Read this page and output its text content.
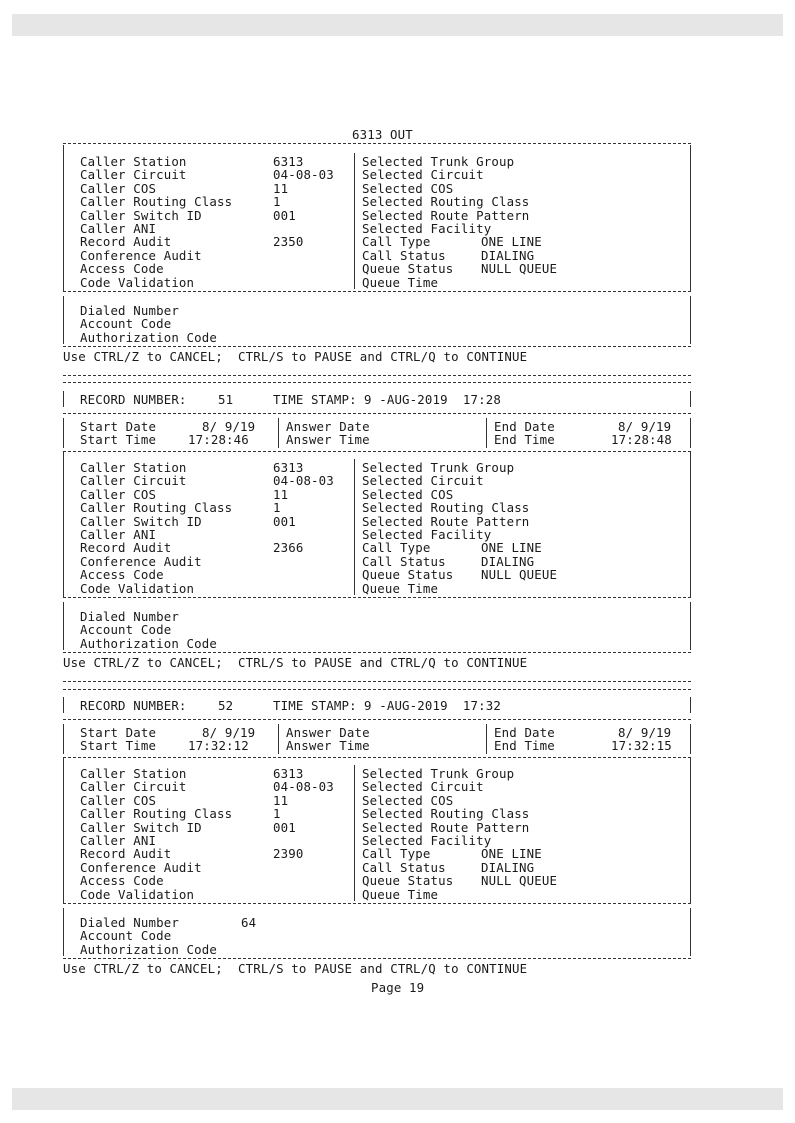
6313 OUT
Caller Station	6313
Caller Circuit	04-08-03
Caller COS	11
Caller Routing Class	1
Caller Switch ID	001
Caller ANI
Record Audit	2350
Conference Audit
Access Code
Code Validation
Selected Trunk Group
Selected Circuit
Selected COS
Selected Routing Class
Selected Route Pattern
Selected Facility
Call Type	ONE LINE
Call Status	DIALING
Queue Status NULL QUEUE
Queue Time
Dialed Number
Account Code
Authorization Code
Use CTRL/Z to CANCEL;  CTRL/S to PAUSE and CTRL/Q to CONTINUE
RECORD NUMBER:	51	TIME STAMP: 9 -AUG-2019  17:28
Start Date	8/ 9/19
Start Time	17:28:46
Answer Date
Answer Time
End Date	8/ 9/19
End Time	17:28:48
Caller Station	6313
Caller Circuit	04-08-03
Caller COS	11
Caller Routing Class	1
Caller Switch ID	001
Caller ANI
Record Audit	2366
Conference Audit
Access Code
Code Validation
Selected Trunk Group
Selected Circuit
Selected COS
Selected Routing Class
Selected Route Pattern
Selected Facility
Call Type	ONE LINE
Call Status	DIALING
Queue Status NULL QUEUE
Queue Time
Dialed Number
Account Code
Authorization Code
Use CTRL/Z to CANCEL;  CTRL/S to PAUSE and CTRL/Q to CONTINUE
RECORD NUMBER:	52	TIME STAMP: 9 -AUG-2019  17:32
Start Date	8/ 9/19
Start Time	17:32:12
Answer Date
Answer Time
End Date	8/ 9/19
End Time	17:32:15
Caller Station	6313
Caller Circuit	04-08-03
Caller COS	11
Caller Routing Class	1
Caller Switch ID	001
Caller ANI
Record Audit	2390
Conference Audit
Access Code
Code Validation
Selected Trunk Group
Selected Circuit
Selected COS
Selected Routing Class
Selected Route Pattern
Selected Facility
Call Type	ONE LINE
Call Status	DIALING
Queue Status NULL QUEUE
Queue Time
Dialed Number	64
Account Code
Authorization Code
Use CTRL/Z to CANCEL;  CTRL/S to PAUSE and CTRL/Q to CONTINUE
Page 19
